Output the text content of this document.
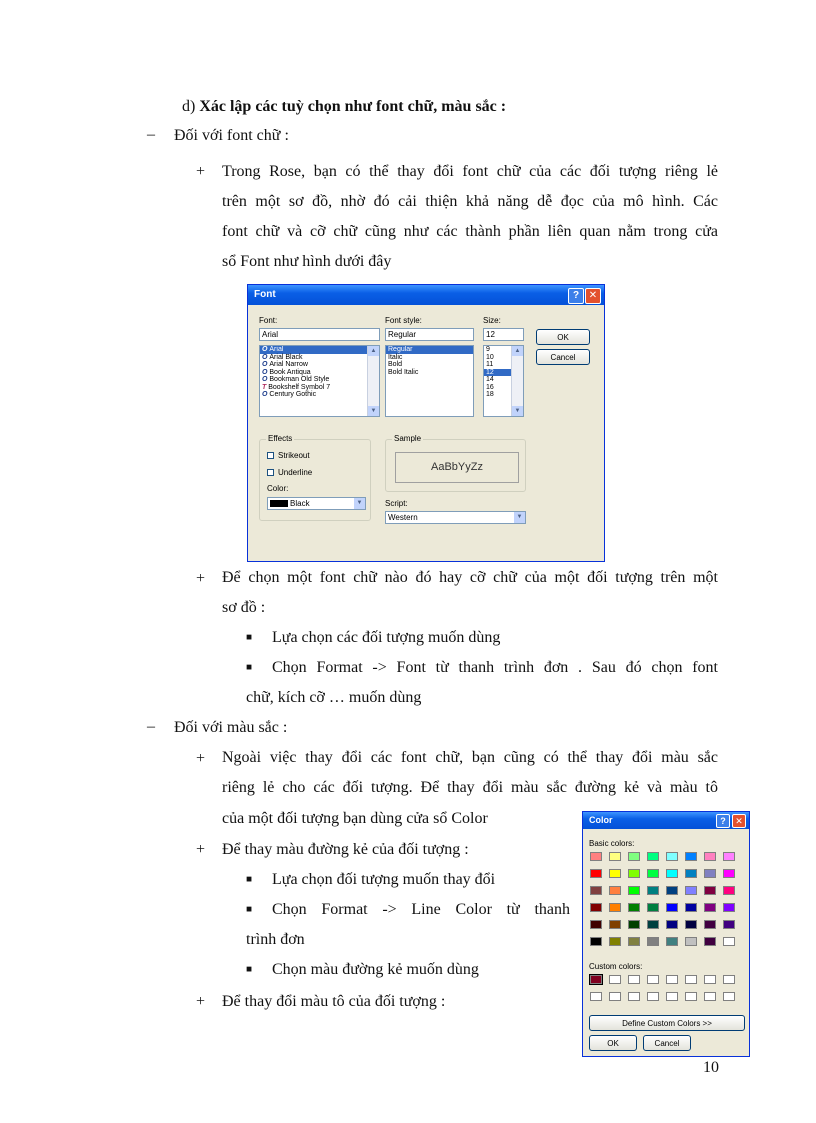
d) Xác lập các tuỳ chọn như font chữ, màu sắc :
– Đối với font chữ :
+ Trong Rose, bạn có thể thay đổi font chữ của các đối tượng riêng lẻ
trên một sơ đồ, nhờ đó cải thiện khả năng dễ đọc của mô hình. Các
font chữ và cỡ chữ cũng như các thành phần liên quan nằm trong cửa
sổ Font như hình dưới đây
Font	? ✕
Font:
Arial
O Arial
O Arial Black
O Arial Narrow
O Book Antiqua
O Bookman Old Style
T Bookshelf Symbol 7
O Century Gothic
▲
▼
Font style:
Regular
Regular
Italic
Bold
Bold Italic
Size:
12
9
10
11
12
14
16
18
▲
▼
OK
Cancel
Effects
Strikeout
Underline
Color:
Black	▼
Sample
AaBbYyZz
Script:
Western	▼
+ Để chọn một font chữ nào đó hay cỡ chữ của một đối tượng trên một
sơ đồ :
■ Lựa chọn các đối tượng muốn dùng
■ Chọn Format -> Font từ thanh trình đơn . Sau đó chọn font
chữ, kích cỡ … muốn dùng
– Đối với màu sắc :
+ Ngoài việc thay đổi các font chữ, bạn cũng có thể thay đổi màu sắc
riêng lẻ cho các đối tượng. Để thay đổi màu sắc đường kẻ và màu tô
của một đối tượng bạn dùng cửa sổ Color
+ Để thay màu đường kẻ của đối tượng :
■ Lựa chọn đối tượng muốn thay đổi
■ Chọn Format -> Line Color từ thanh
trình đơn
■ Chọn màu đường kẻ muốn dùng
+ Để thay đổi màu tô của đối tượng :
Color	?	✕
Basic colors:
Custom colors:
Define Custom Colors >>
OK	Cancel
10
